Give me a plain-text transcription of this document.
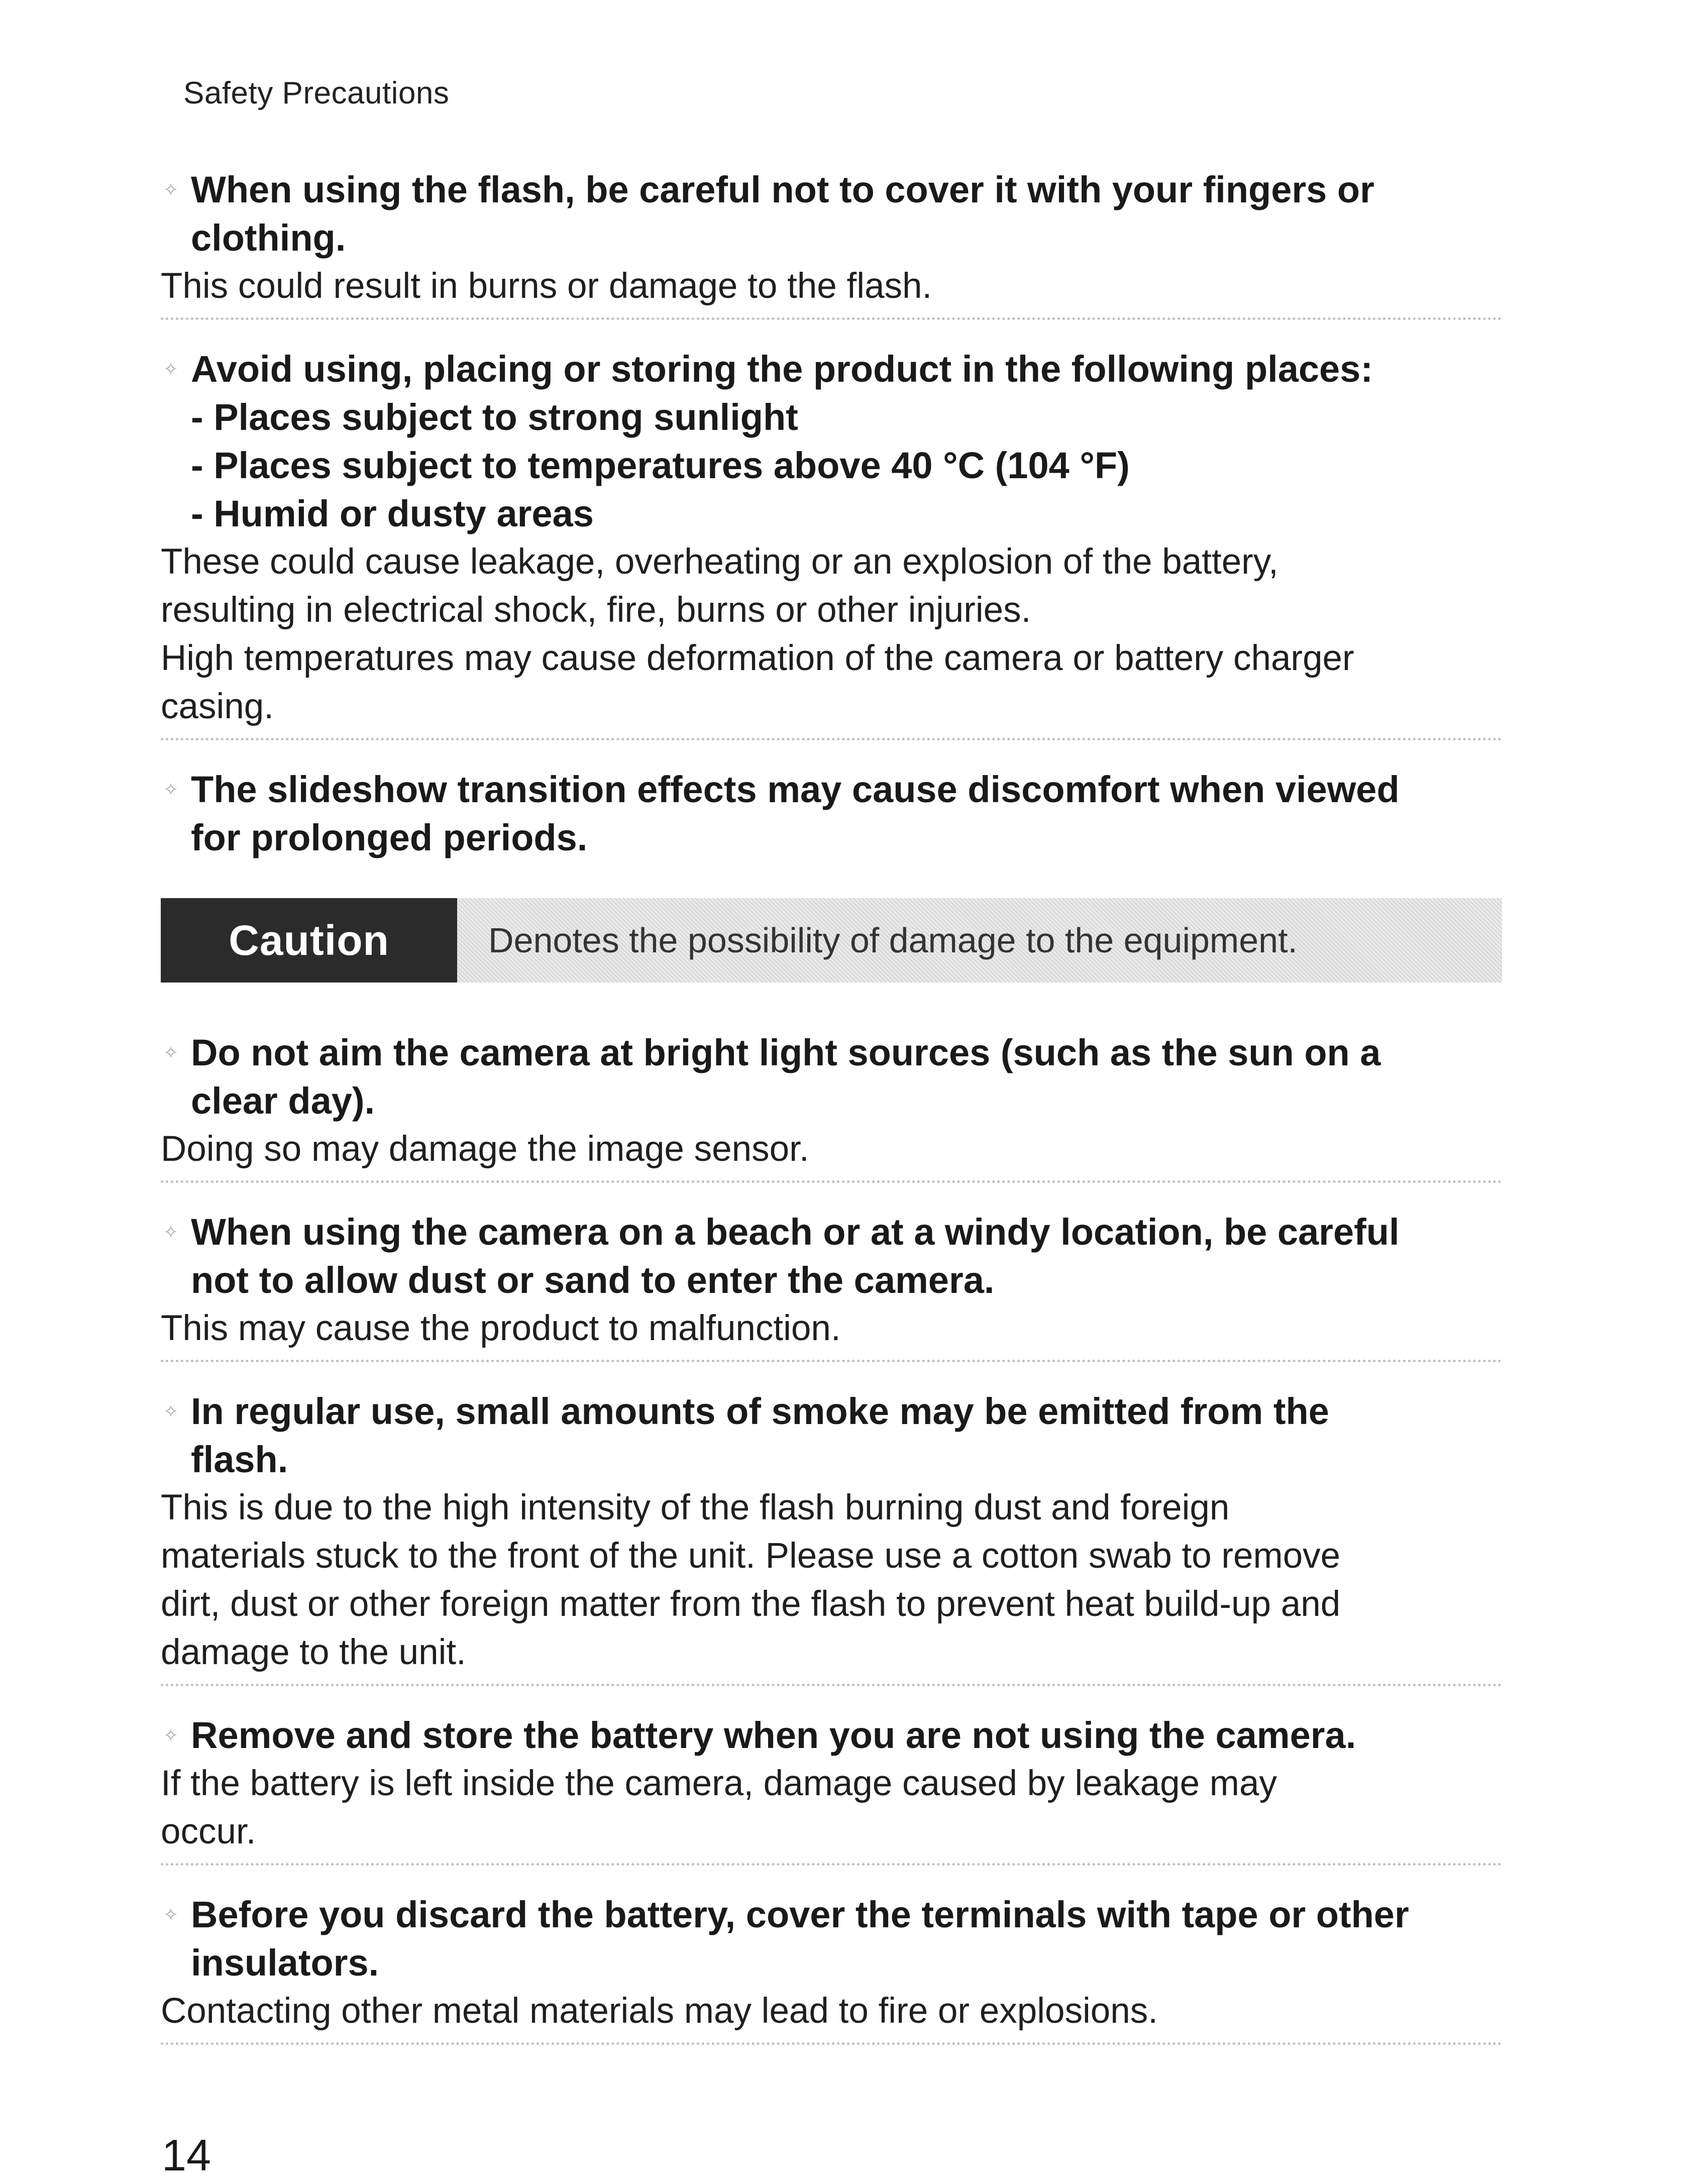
Safety Precautions
✧ When using the flash, be careful not to cover it with your fingers or
clothing.

This could result in burns or damage to the flash.

✧ Avoid using, placing or storing the product in the following places:
- Places subject to strong sunlight
- Places subject to temperatures above 40 °C (104 °F)
- Humid or dusty areas

These could cause leakage, overheating or an explosion of the battery,

resulting in electrical shock, fire, burns or other injuries.

High temperatures may cause deformation of the camera or battery charger

casing.

✧ The slideshow transition effects may cause discomfort when viewed
for prolonged periods.
Caution	Denotes the possibility of damage to the equipment.
✧ Do not aim the camera at bright light sources (such as the sun on a
clear day).

Doing so may damage the image sensor.

✧ When using the camera on a beach or at a windy location, be careful
not to allow dust or sand to enter the camera.

This may cause the product to malfunction.

✧ In regular use, small amounts of smoke may be emitted from the
flash.

This is due to the high intensity of the flash burning dust and foreign

materials stuck to the front of the unit. Please use a cotton swab to remove

dirt, dust or other foreign matter from the flash to prevent heat build-up and

damage to the unit.

✧ Remove and store the battery when you are not using the camera.

If the battery is left inside the camera, damage caused by leakage may

occur.

✧ Before you discard the battery, cover the terminals with tape or other
insulators.

Contacting other metal materials may lead to fire or explosions.

14
